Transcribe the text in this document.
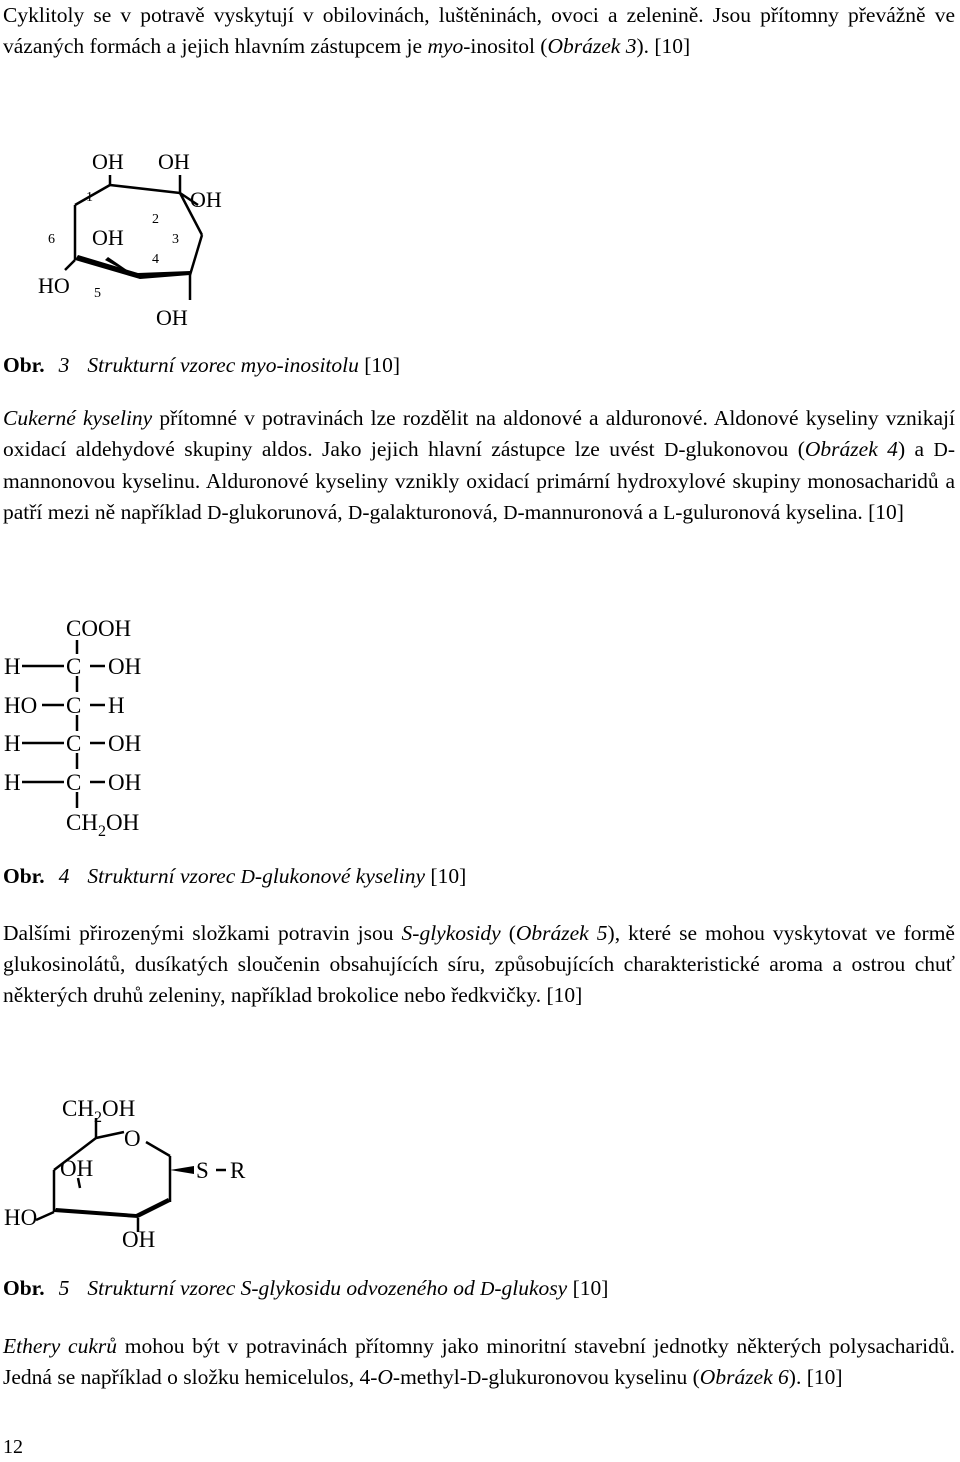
Cyklitoly se v potravě vyskytují v obilovinách, luštěninách, ovoci a zelenině. Jsou přítomny převážně ve vázaných formách a jejich hlavním zástupcem je myo-inositol (Obrázek 3). [10]

OH OH
OH
OH
OH
HO
1
2
3
4
5
6
Obr. 3 Strukturní vzorec myo-inositolu [10]

Cukerné kyseliny přítomné v potravinách lze rozdělit na aldonové a alduronové. Aldonové kyseliny vznikají oxidací aldehydové skupiny aldos. Jako jejich hlavní zástupce lze uvést D-glukonovou (Obrázek 4) a D-mannonovou kyselinu. Alduronové kyseliny vznikly oxidací primární hydroxylové skupiny monosacharidů a patří mezi ně například D-glukorunová, D-galakturonová, D-mannuronová a L-guluronová kyselina. [10]

COOH
H C OH
HO C H
H C OH
H C OH
$CH_2OH$
Obr. 4 Strukturní vzorec D-glukonové kyseliny [10]

Dalšími přirozenými složkami potravin jsou S-glykosidy (Obrázek 5), které se mohou vyskytovat ve formě glukosinolátů, dusíkatých sloučenin obsahujících síru, způsobujících charakteristické aroma a ostrou chuť některých druhů zeleniny, například brokolice nebo ředkvičky. [10]

$CH_2OH$
O
OH	S R
HO
OH
Obr. 5 Strukturní vzorec S-glykosidu odvozeného od D-glukosy [10]

Ethery cukrů mohou být v potravinách přítomny jako minoritní stavební jednotky některých polysacharidů. Jedná se například o složku hemicelulos, 4-O-methyl-D-glukuronovou kyselinu (Obrázek 6). [10]

12
